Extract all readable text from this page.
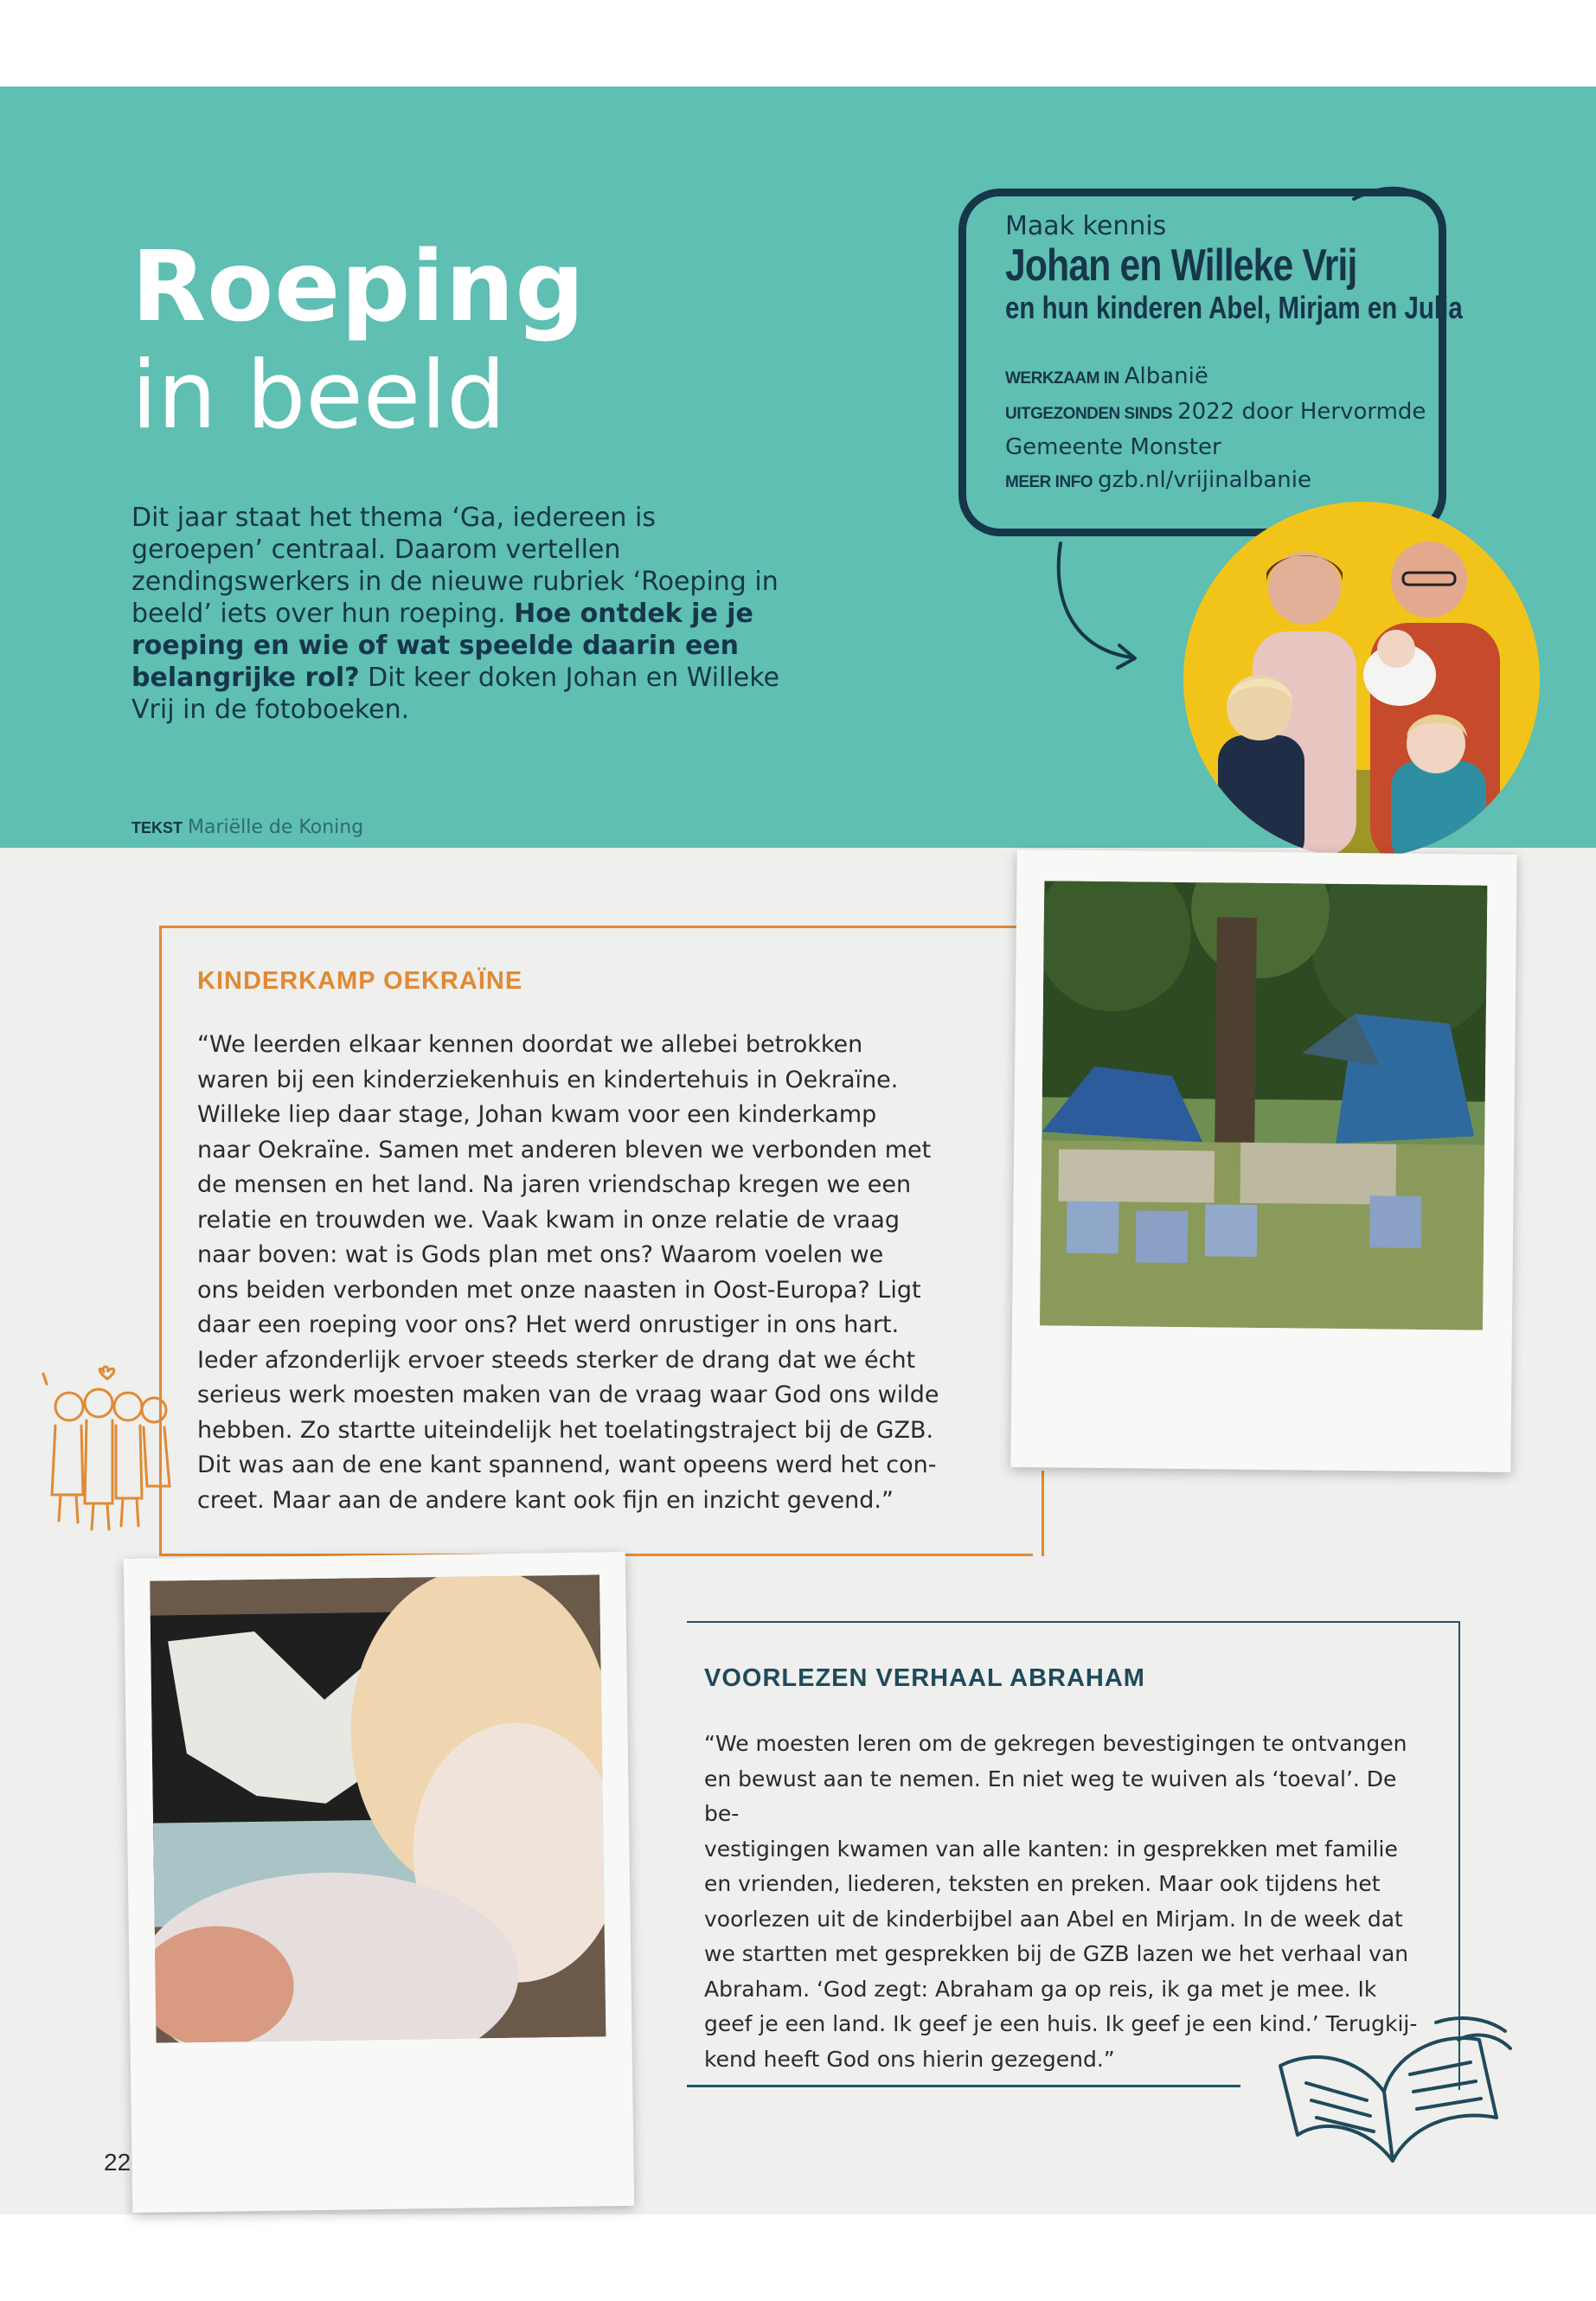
Roeping
in beeld

Dit jaar staat het thema ‘Ga, iedereen is geroepen’ centraal. Daarom vertellen zendingswerkers in de nieuwe rubriek ‘Roeping in beeld’ iets over hun roeping. Hoe ontdek je je roeping en wie of wat speelde daarin een belangrijke rol? Dit keer doken Johan en Willeke Vrij in de fotoboeken.

TEKST Mariëlle de Koning

Maak kennis

Johan en Willeke Vrij

en hun kinderen Abel, Mirjam en Julia

WERKZAAM IN Albanië
UITGEZONDEN SINDS 2022 door Hervormde
Gemeente Monster
MEER INFO gzb.nl/vrijinalbanie
KINDERKAMP OEKRAÏNE
“We leerden elkaar kennen doordat we allebei betrokken
waren bij een kinderziekenhuis en kindertehuis in Oekraïne.
Willeke liep daar stage, Johan kwam voor een kinderkamp
naar Oekraïne. Samen met anderen bleven we verbonden met
de mensen en het land. Na jaren vriendschap kregen we een
relatie en trouwden we. Vaak kwam in onze relatie de vraag
naar boven: wat is Gods plan met ons? Waarom voelen we
ons beiden verbonden met onze naasten in Oost-Europa? Ligt
daar een roeping voor ons? Het werd onrustiger in ons hart.
Ieder afzonderlijk ervoer steeds sterker de drang dat we écht
serieus werk moesten maken van de vraag waar God ons wilde
hebben. Zo startte uiteindelijk het toelatingstraject bij de GZB.
Dit was aan de ene kant spannend, want opeens werd het con-
creet. Maar aan de andere kant ook fijn en inzicht gevend.”
VOORLEZEN VERHAAL ABRAHAM
“We moesten leren om de gekregen bevestigingen te ontvangen
en bewust aan te nemen. En niet weg te wuiven als ‘toeval’. De be-
vestigingen kwamen van alle kanten: in gesprekken met familie
en vrienden, liederen, teksten en preken. Maar ook tijdens het
voorlezen uit de kinderbijbel aan Abel en Mirjam. In de week dat
we startten met gesprekken bij de GZB lazen we het verhaal van
Abraham. ‘God zegt: Abraham ga op reis, ik ga met je mee. Ik
geef je een land. Ik geef je een huis. Ik geef je een kind.’ Terugkij-
kend heeft God ons hierin gezegend.”

22
